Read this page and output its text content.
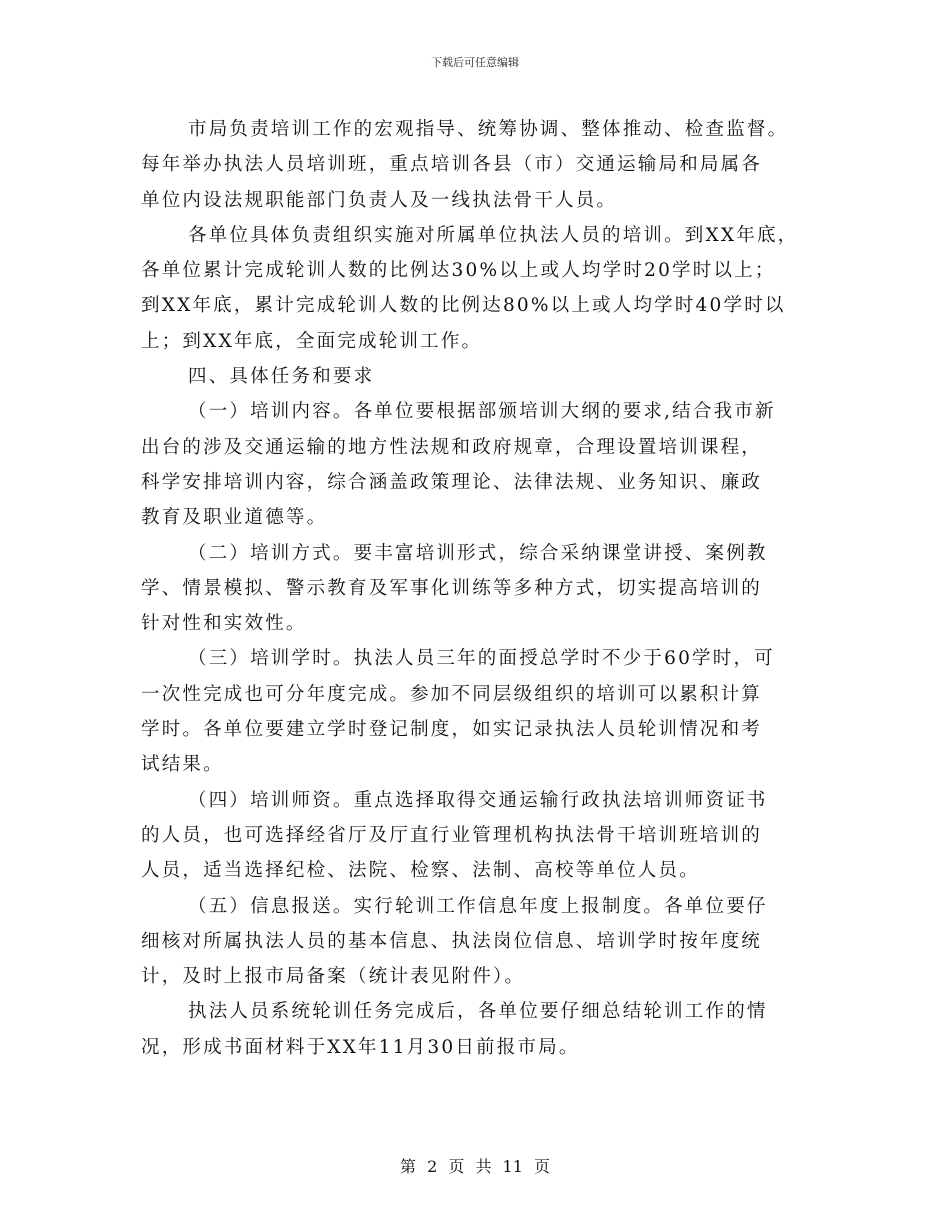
下载后可任意编辑
市局负责培训工作的宏观指导、统筹协调、整体推动、检查监督。
每年举办执法人员培训班，重点培训各县（市）交通运输局和局属各
单位内设法规职能部门负责人及一线执法骨干人员。
各单位具体负责组织实施对所属单位执法人员的培训。到XX年底，
各单位累计完成轮训人数的比例达30%以上或人均学时20学时以上；
到XX年底，累计完成轮训人数的比例达80%以上或人均学时40学时以
上；到XX年底，全面完成轮训工作。
四、具体任务和要求
（一）培训内容。各单位要根据部颁培训大纲的要求,结合我市新
出台的涉及交通运输的地方性法规和政府规章，合理设置培训课程，
科学安排培训内容，综合涵盖政策理论、法律法规、业务知识、廉政
教育及职业道德等。
（二）培训方式。要丰富培训形式，综合采纳课堂讲授、案例教
学、情景模拟、警示教育及军事化训练等多种方式，切实提高培训的
针对性和实效性。
（三）培训学时。执法人员三年的面授总学时不少于60学时，可
一次性完成也可分年度完成。参加不同层级组织的培训可以累积计算
学时。各单位要建立学时登记制度，如实记录执法人员轮训情况和考
试结果。
（四）培训师资。重点选择取得交通运输行政执法培训师资证书
的人员，也可选择经省厅及厅直行业管理机构执法骨干培训班培训的
人员，适当选择纪检、法院、检察、法制、高校等单位人员。
（五）信息报送。实行轮训工作信息年度上报制度。各单位要仔
细核对所属执法人员的基本信息、执法岗位信息、培训学时按年度统
计，及时上报市局备案（统计表见附件）。
执法人员系统轮训任务完成后，各单位要仔细总结轮训工作的情
况，形成书面材料于XX年11月30日前报市局。
第 2 页 共 11 页
